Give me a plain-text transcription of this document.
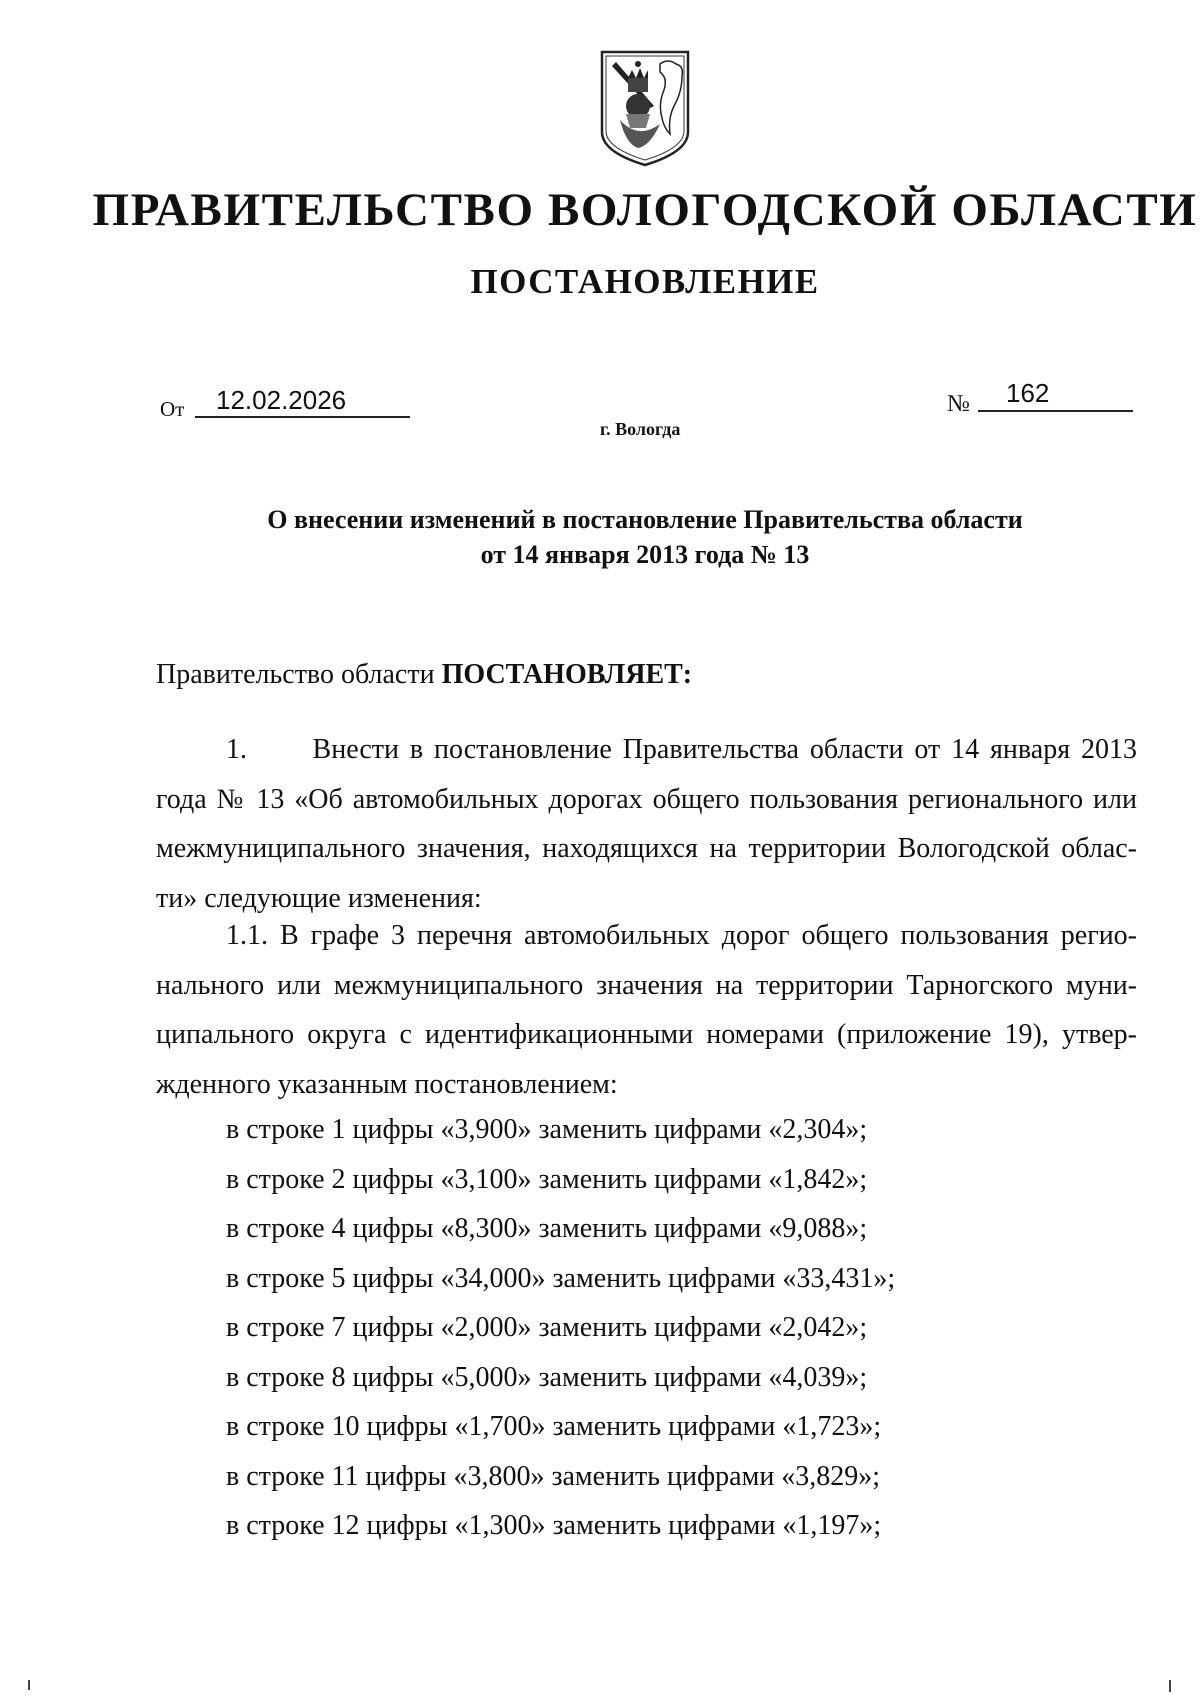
ПРАВИТЕЛЬСТВО ВОЛОГОДСКОЙ ОБЛАСТИ
ПОСТАНОВЛЕНИЕ
От 12.02.2026	№ 162
г. Вологда
О внесении изменений в постановление Правительства области
от 14 января 2013 года № 13
Правительство области ПОСТАНОВЛЯЕТ:
1.      Внести в постановление Правительства области от 14 января 2013
года № 13 «Об автомобильных дорогах общего пользования регионального или
межмуниципального значения, находящихся на территории Вологодской облас-
ти» следующие изменения:
1.1. В графе 3 перечня автомобильных дорог общего пользования регио-
нального или межмуниципального значения на территории Тарногского муни-
ципального округа с идентификационными номерами (приложение 19), утвер-
жденного указанным постановлением:
в строке 1 цифры «3,900» заменить цифрами «2,304»;
в строке 2 цифры «3,100» заменить цифрами «1,842»;
в строке 4 цифры «8,300» заменить цифрами «9,088»;
в строке 5 цифры «34,000» заменить цифрами «33,431»;
в строке 7 цифры «2,000» заменить цифрами «2,042»;
в строке 8 цифры «5,000» заменить цифрами «4,039»;
в строке 10 цифры «1,700» заменить цифрами «1,723»;
в строке 11 цифры «3,800» заменить цифрами «3,829»;
в строке 12 цифры «1,300» заменить цифрами «1,197»;
